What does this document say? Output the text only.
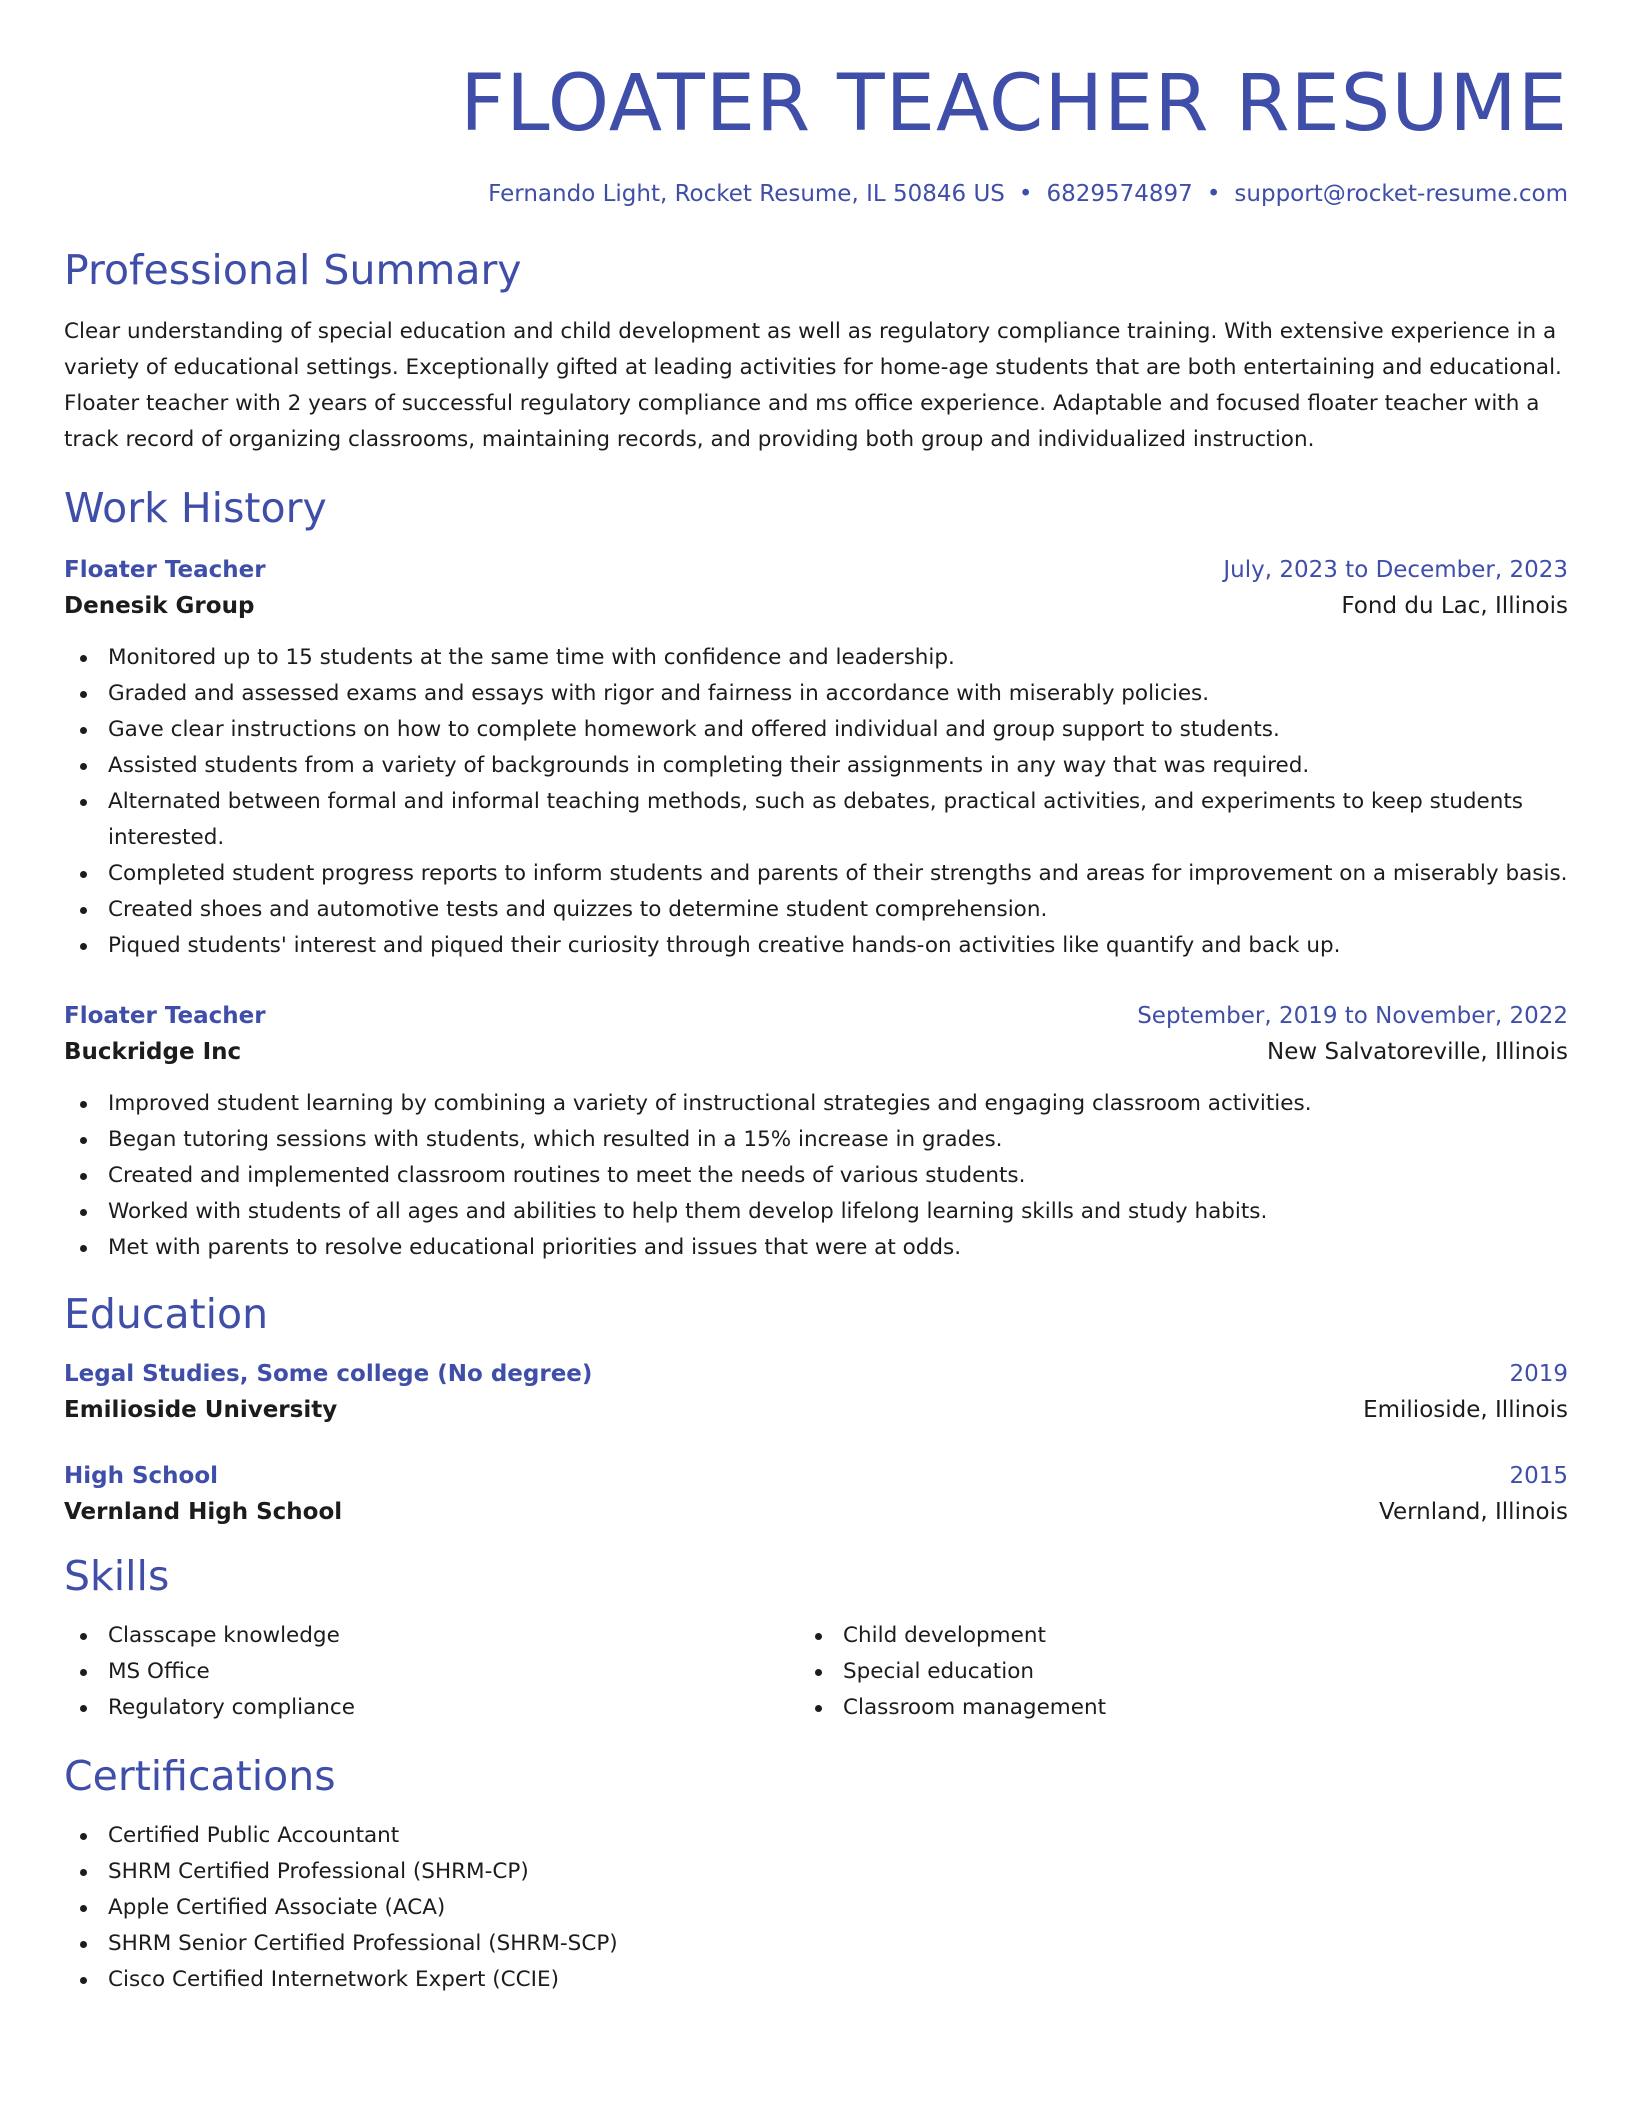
FLOATER TEACHER RESUME
Fernando Light, Rocket Resume, IL 50846 US • 6829574897 • support@rocket-resume.com
Professional Summary

Clear understanding of special education and child development as well as regulatory compliance training. With extensive experience in a variety of educational settings. Exceptionally gifted at leading activities for home-age students that are both entertaining and educational. Floater teacher with 2 years of successful regulatory compliance and ms office experience. Adaptable and focused floater teacher with a track record of organizing classrooms, maintaining records, and providing both group and individualized instruction.

Work History
Floater Teacher	July, 2023 to December, 2023
Denesik Group	Fond du Lac, Illinois
Monitored up to 15 students at the same time with confidence and leadership.
Graded and assessed exams and essays with rigor and fairness in accordance with miserably policies.
Gave clear instructions on how to complete homework and offered individual and group support to students.
Assisted students from a variety of backgrounds in completing their assignments in any way that was required.
Alternated between formal and informal teaching methods, such as debates, practical activities, and experiments to keep students interested.
Completed student progress reports to inform students and parents of their strengths and areas for improvement on a miserably basis.
Created shoes and automotive tests and quizzes to determine student comprehension.
Piqued students' interest and piqued their curiosity through creative hands-on activities like quantify and back up.
Floater Teacher	September, 2019 to November, 2022
Buckridge Inc	New Salvatoreville, Illinois
Improved student learning by combining a variety of instructional strategies and engaging classroom activities.
Began tutoring sessions with students, which resulted in a 15% increase in grades.
Created and implemented classroom routines to meet the needs of various students.
Worked with students of all ages and abilities to help them develop lifelong learning skills and study habits.
Met with parents to resolve educational priorities and issues that were at odds.
Education
Legal Studies, Some college (No degree)	2019
Emilioside University	Emilioside, Illinois
High School	2015
Vernland High School	Vernland, Illinois
Skills
Classcape knowledge
MS Office
Regulatory compliance
Child development
Special education
Classroom management
Certifications
Certified Public Accountant
SHRM Certified Professional (SHRM-CP)
Apple Certified Associate (ACA)
SHRM Senior Certified Professional (SHRM-SCP)
Cisco Certified Internetwork Expert (CCIE)
